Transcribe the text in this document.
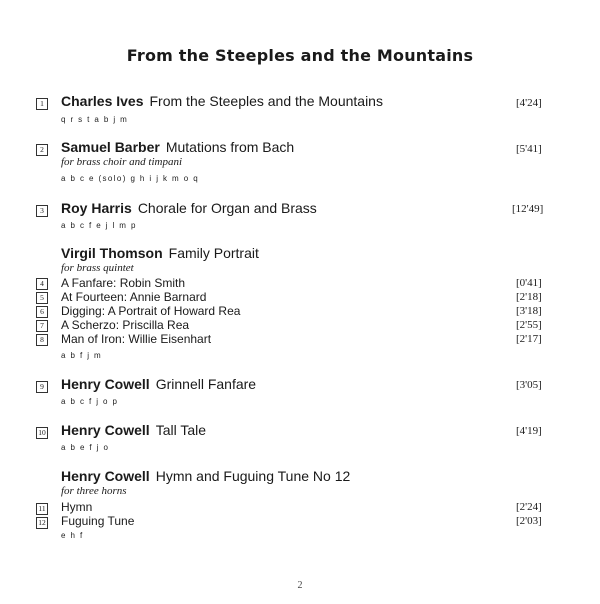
From the Steeples and the Mountains
1 Charles Ives From the Steeples and the Mountains	[4'24]
q r s t a b j m
2 Samuel Barber Mutations from Bach	[5'41]
for brass choir and timpani
a b c e (solo) g h i j k m o q
3 Roy Harris Chorale for Organ and Brass	[12'49]
a b c f e j l m p
Virgil Thomson Family Portrait
for brass quintet
4	A Fanfare: Robin Smith	[0'41]
5	At Fourteen: Annie Barnard	[2'18]
6	Digging: A Portrait of Howard Rea	[3'18]
7	A Scherzo: Priscilla Rea	[2'55]
8	Man of Iron: Willie Eisenhart	[2'17]
a b f j m
9 Henry Cowell Grinnell Fanfare	[3'05]
a b c f j o p
10 Henry Cowell Tall Tale	[4'19]
a b e f j o
Henry Cowell Hymn and Fuguing Tune No 12
for three horns
11 Hymn	[2'24]
12 Fuguing Tune	[2'03]
e h f
2
